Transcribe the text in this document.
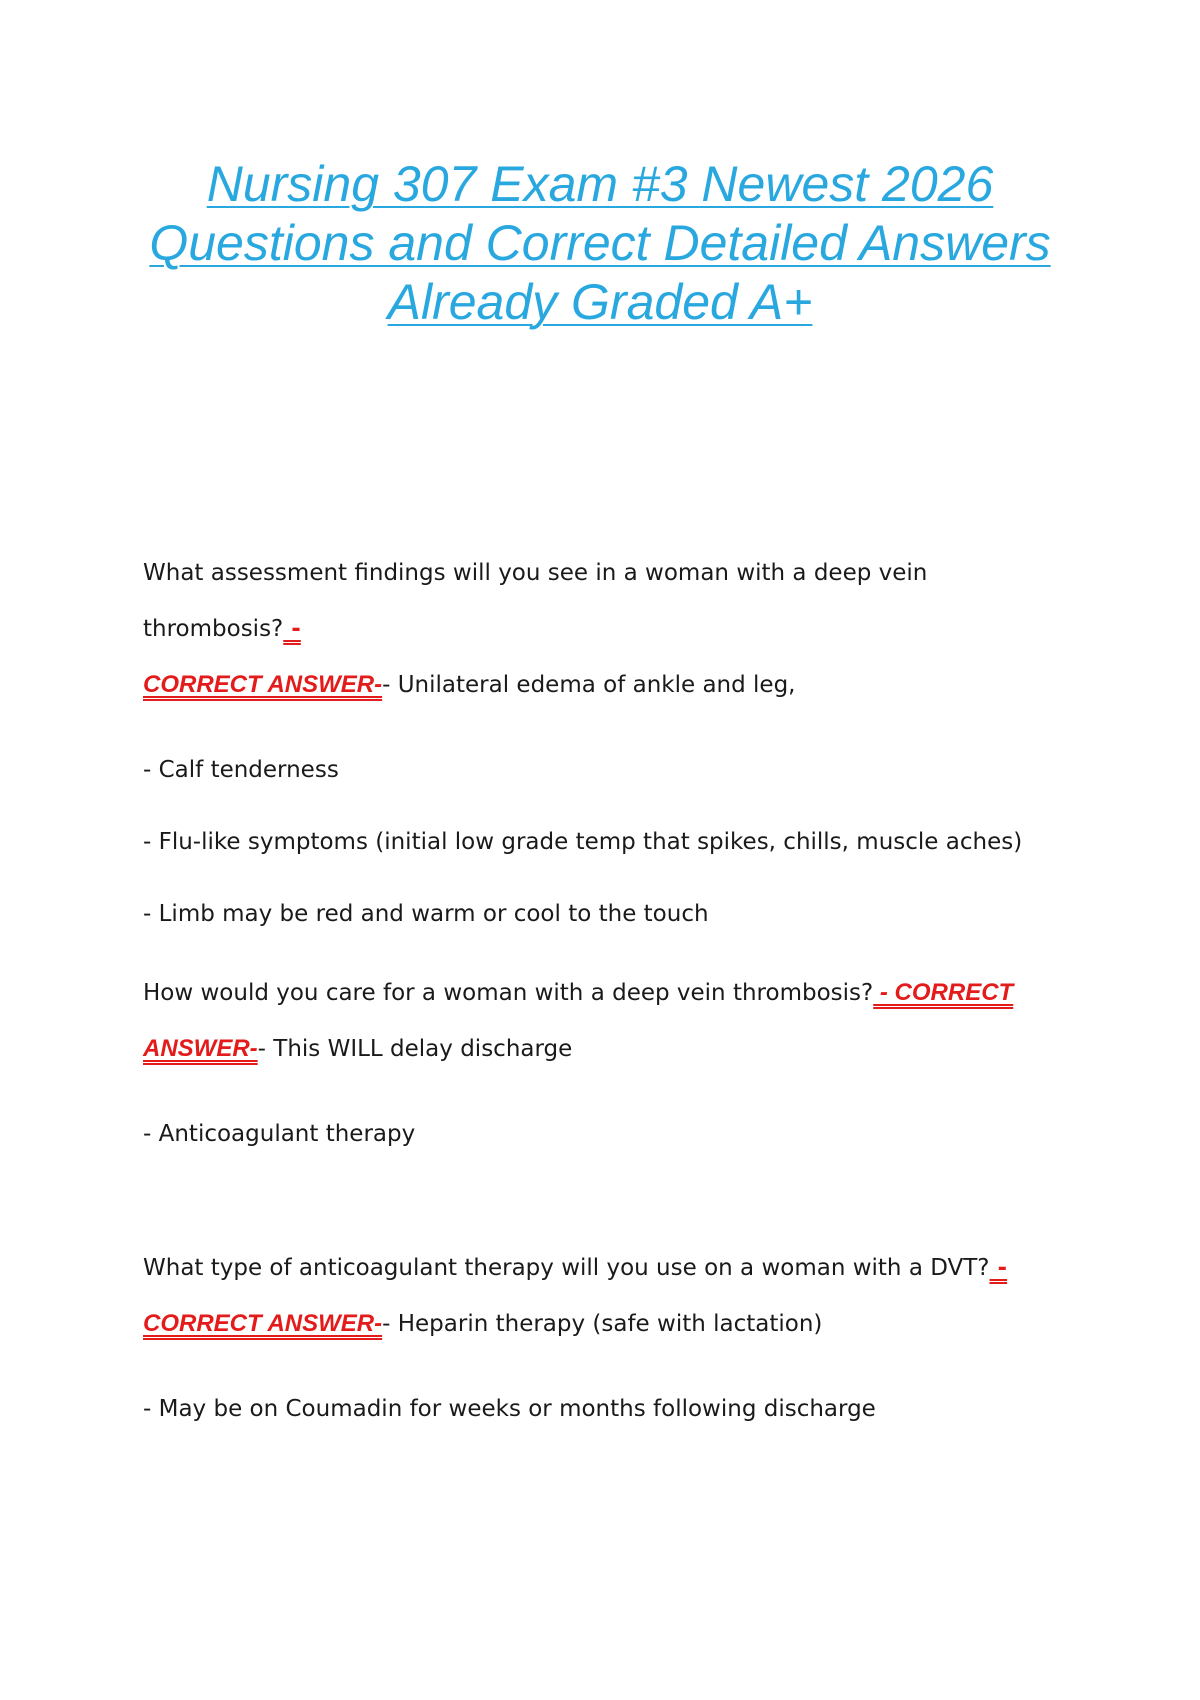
Nursing 307 Exam #3 Newest 2026
Questions and Correct Detailed Answers
Already Graded A+
What assessment findings will you see in a woman with a deep vein thrombosis? -
CORRECT ANSWER-- Unilateral edema of ankle and leg,
- Calf tenderness
- Flu-like symptoms (initial low grade temp that spikes, chills, muscle aches)
- Limb may be red and warm or cool to the touch
How would you care for a woman with a deep vein thrombosis? - CORRECT
ANSWER-- This WILL delay discharge
- Anticoagulant therapy
What type of anticoagulant therapy will you use on a woman with a DVT? -
CORRECT ANSWER-- Heparin therapy (safe with lactation)
- May be on Coumadin for weeks or months following discharge
